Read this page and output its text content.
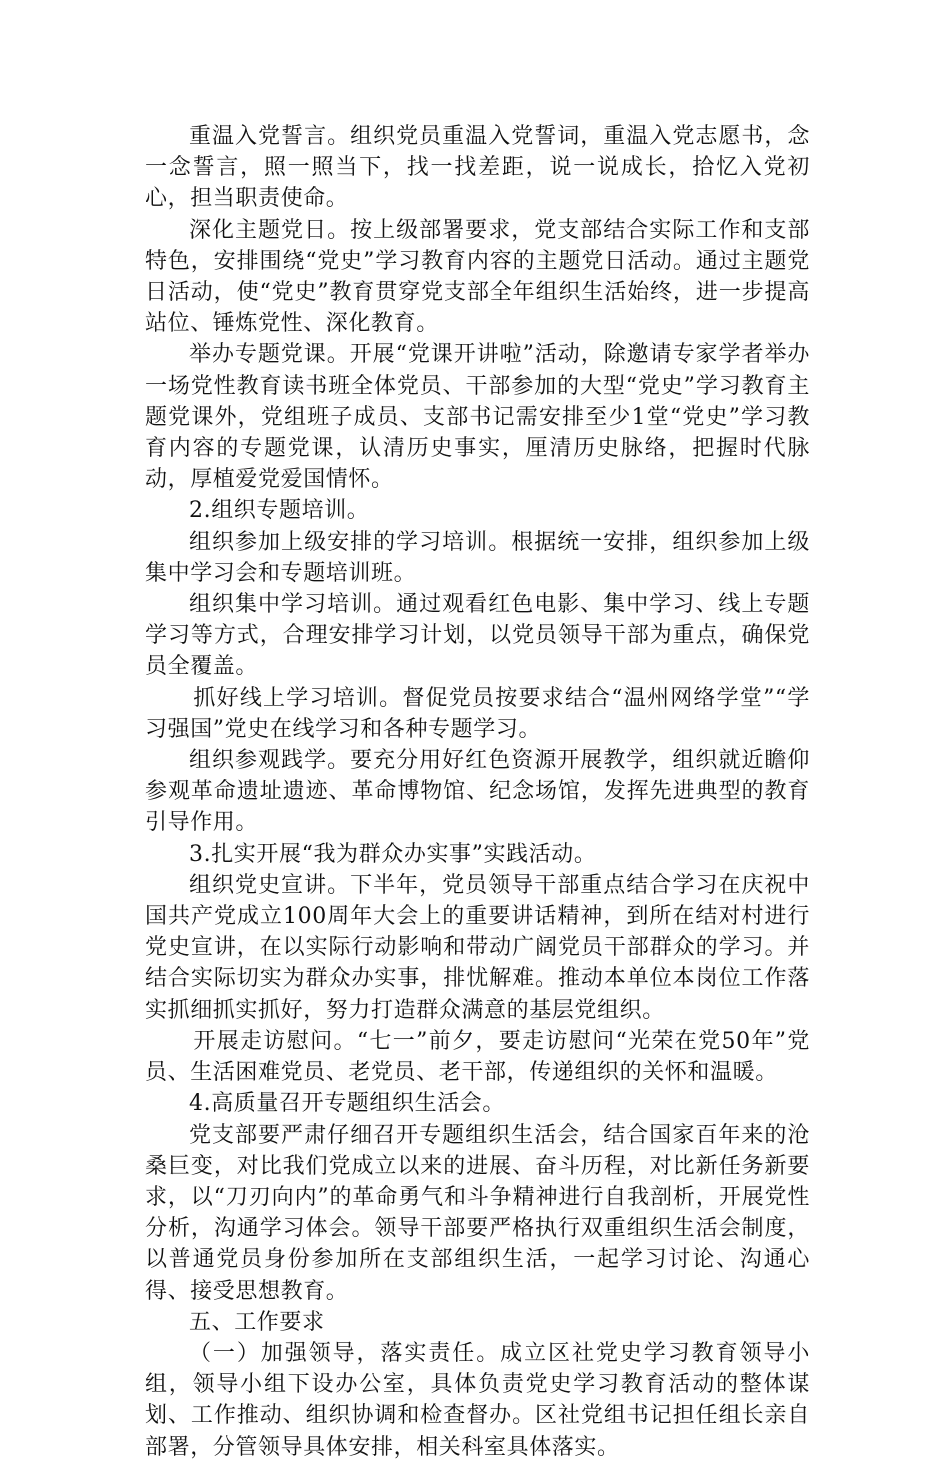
重温入党誓言。组织党员重温入党誓词，重温入党志愿书，念一念誓言，照一照当下，找一找差距，说一说成长，拾忆入党初心，担当职责使命。

深化主题党日。按上级部署要求，党支部结合实际工作和支部特色，安排围绕“党史”学习教育内容的主题党日活动。通过主题党日活动，使“党史”教育贯穿党支部全年组织生活始终，进一步提高站位、锤炼党性、深化教育。

举办专题党课。开展“党课开讲啦”活动，除邀请专家学者举办一场党性教育读书班全体党员、干部参加的大型“党史”学习教育主题党课外，党组班子成员、支部书记需安排至少1堂“党史”学习教育内容的专题党课，认清历史事实，厘清历史脉络，把握时代脉动，厚植爱党爱国情怀。

2.组织专题培训。

组织参加上级安排的学习培训。根据统一安排，组织参加上级集中学习会和专题培训班。

组织集中学习培训。通过观看红色电影、集中学习、线上专题学习等方式，合理安排学习计划，以党员领导干部为重点，确保党员全覆盖。

抓好线上学习培训。督促党员按要求结合“温州网络学堂”“学习强国”党史在线学习和各种专题学习。

组织参观践学。要充分用好红色资源开展教学，组织就近瞻仰参观革命遗址遗迹、革命博物馆、纪念场馆，发挥先进典型的教育引导作用。

3.扎实开展“我为群众办实事”实践活动。

组织党史宣讲。下半年，党员领导干部重点结合学习在庆祝中国共产党成立100周年大会上的重要讲话精神，到所在结对村进行党史宣讲，在以实际行动影响和带动广阔党员干部群众的学习。并结合实际切实为群众办实事，排忧解难。推动本单位本岗位工作落实抓细抓实抓好，努力打造群众满意的基层党组织。

开展走访慰问。“七一”前夕，要走访慰问“光荣在党50年”党员、生活困难党员、老党员、老干部，传递组织的关怀和温暖。

4.高质量召开专题组织生活会。

党支部要严肃仔细召开专题组织生活会，结合国家百年来的沧桑巨变，对比我们党成立以来的进展、奋斗历程，对比新任务新要求，以“刀刃向内”的革命勇气和斗争精神进行自我剖析，开展党性分析，沟通学习体会。领导干部要严格执行双重组织生活会制度，以普通党员身份参加所在支部组织生活，一起学习讨论、沟通心得、接受思想教育。

五、工作要求

（一）加强领导，落实责任。成立区社党史学习教育领导小组，领导小组下设办公室，具体负责党史学习教育活动的整体谋划、工作推动、组织协调和检查督办。区社党组书记担任组长亲自部署，分管领导具体安排，相关科室具体落实。
